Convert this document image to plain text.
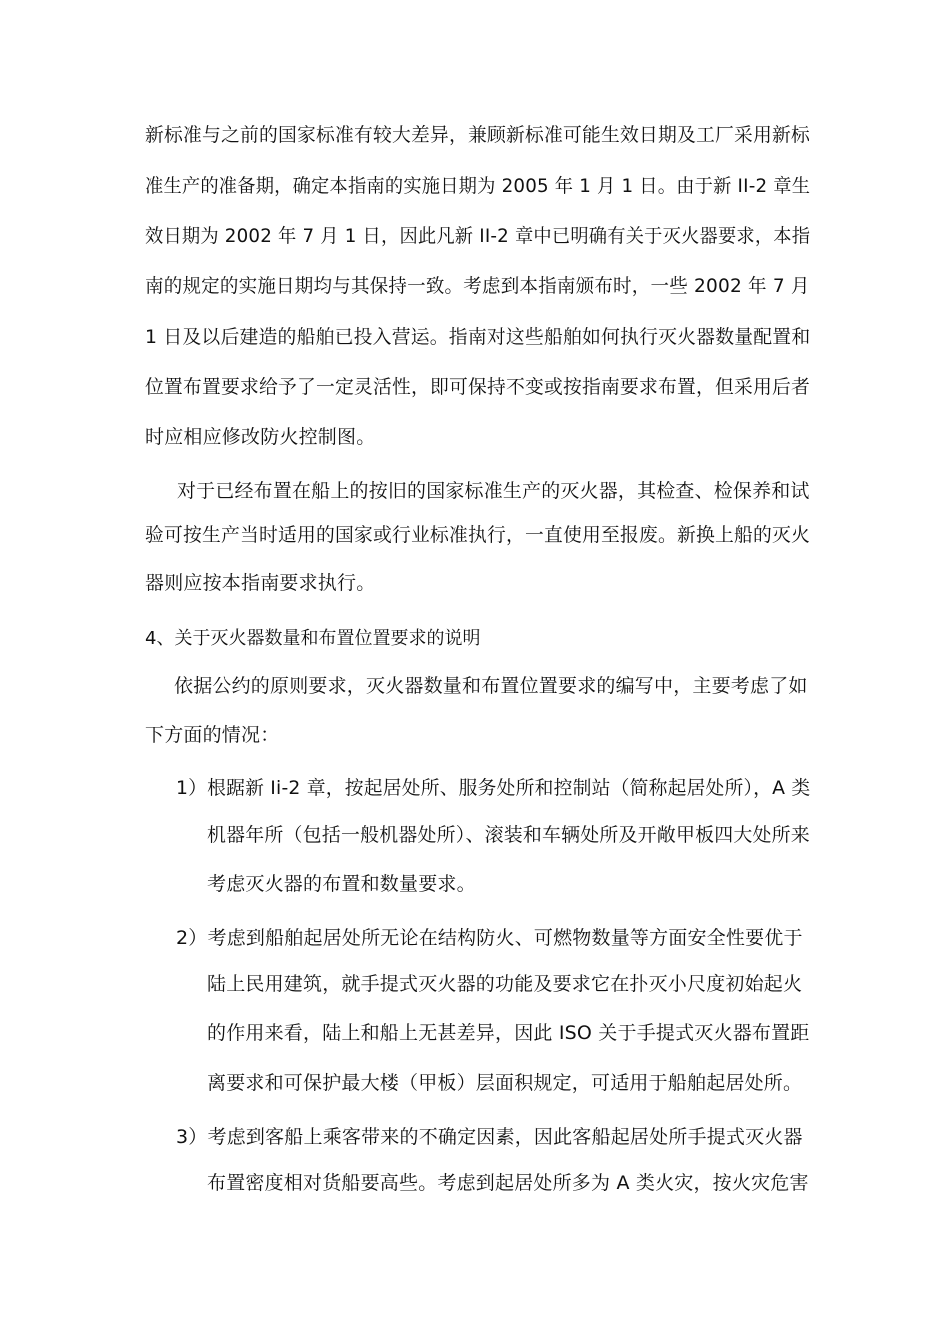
新标准与之前的国家标准有较大差异，兼顾新标准可能生效日期及工厂采用新标
准生产的准备期，确定本指南的实施日期为 2005 年 1 月 1 日。由于新 II-2 章生
效日期为 2002 年 7 月 1 日，因此凡新 II-2 章中已明确有关于灭火器要求，本指
南的规定的实施日期均与其保持一致。考虑到本指南颁布时，一些 2002 年 7 月
1 日及以后建造的船舶已投入营运。指南对这些船舶如何执行灭火器数量配置和
位置布置要求给予了一定灵活性，即可保持不变或按指南要求布置，但采用后者
时应相应修改防火控制图。
对于已经布置在船上的按旧的国家标准生产的灭火器，其检查、检保养和试
验可按生产当时适用的国家或行业标准执行，一直使用至报废。新换上船的灭火
器则应按本指南要求执行。
4、关于灭火器数量和布置位置要求的说明
依据公约的原则要求，灭火器数量和布置位置要求的编写中，主要考虑了如
下方面的情况：
1）根踞新 Ii-2 章，按起居处所、服务处所和控制站（简称起居处所），A 类
机器年所（包括一般机器处所）、滚装和车辆处所及开敞甲板四大处所来
考虑灭火器的布置和数量要求。
2）考虑到船舶起居处所无论在结构防火、可燃物数量等方面安全性要优于
陆上民用建筑，就手提式灭火器的功能及要求它在扑灭小尺度初始起火
的作用来看，陆上和船上无甚差异，因此 ISO 关于手提式灭火器布置距
离要求和可保护最大楼（甲板）层面积规定，可适用于船舶起居处所。
3）考虑到客船上乘客带来的不确定因素，因此客船起居处所手提式灭火器
布置密度相对货船要高些。考虑到起居处所多为 A 类火灾，按火灾危害
